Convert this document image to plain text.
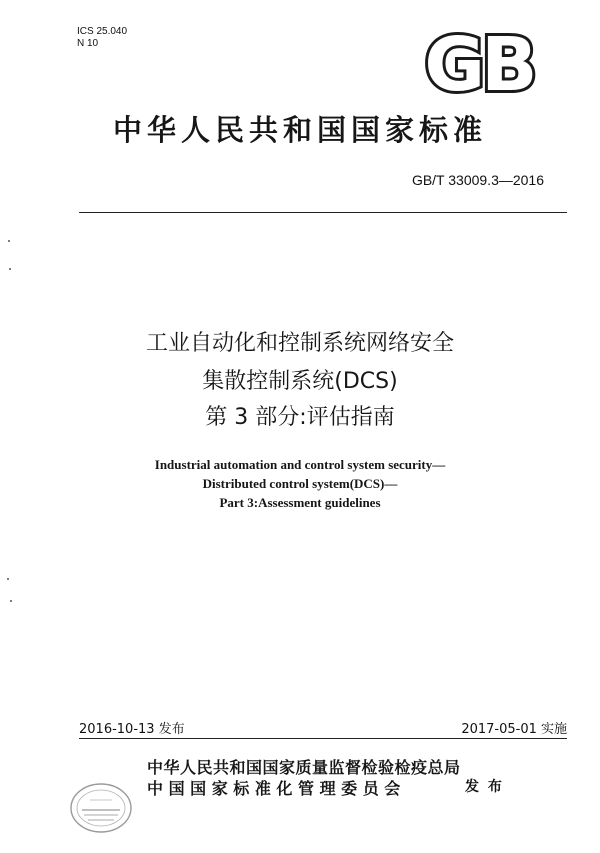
ICS 25.040
N 10	GB
中华人民共和国国家标准
GB/T 33009.3—2016
工业自动化和控制系统网络安全
集散控制系统(DCS)
第 3 部分:评估指南
Industrial automation and control system security—
Distributed control system(DCS)—
Part 3:Assessment guidelines
2016-10-13 发布	2017-05-01 实施
中华人民共和国国家质量监督检验检疫总局
中 国 国 家 标 准 化 管 理 委 员 会	发 布
